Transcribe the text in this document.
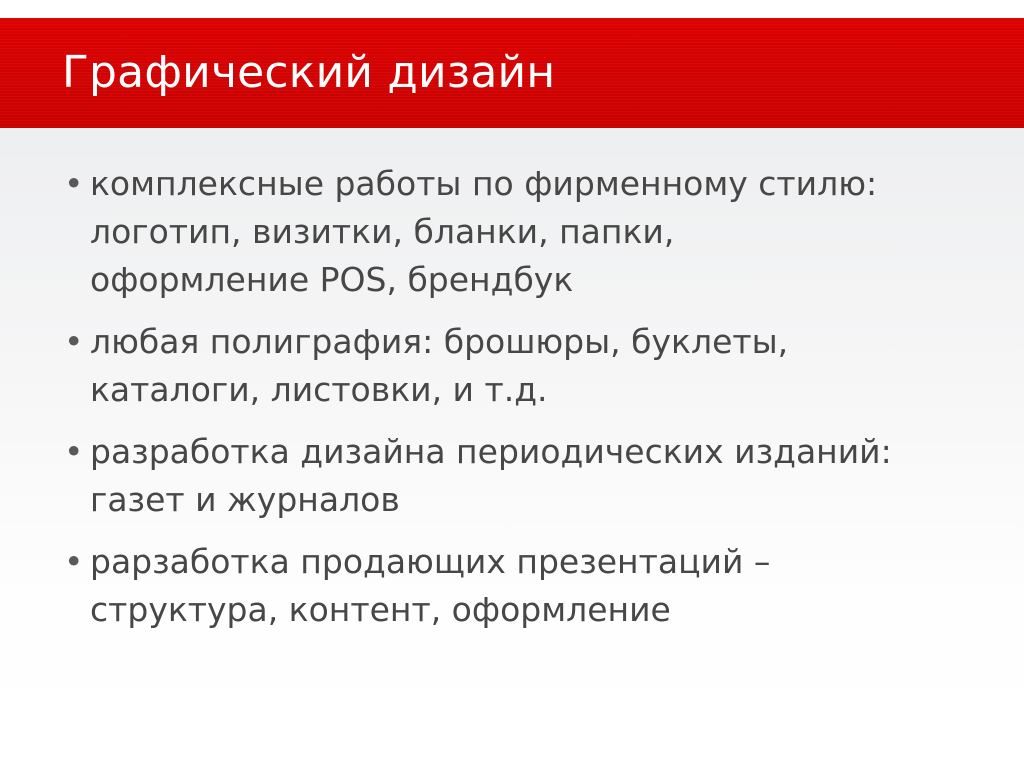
Графический дизайн
• комплексные работы по фирменному стилю: логотип, визитки, бланки, папки, оформление POS, брендбук
• любая полиграфия: брошюры, буклеты, каталоги, листовки, и т.д.
• разработка дизайна периодических изданий: газет и журналов
• рарзаботка продающих презентаций – структура, контент, оформление
